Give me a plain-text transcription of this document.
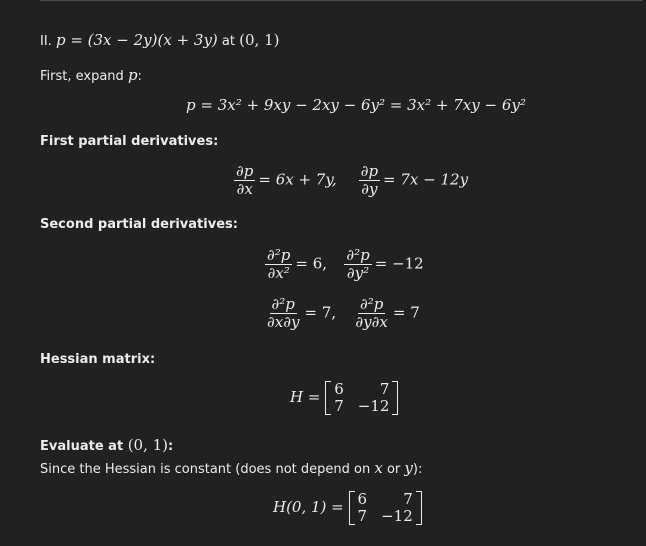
II. p = (3x − 2y)(x + 3y) at (0, 1)
First, expand p:
p = 3x² + 9xy − 2xy − 6y² = 3x² + 7xy − 6y²
First partial derivatives:
$\frac{\partial p}{\partial x} = 6x + 7y$, $\frac{\partial p}{\partial y} = 7x - 12y$
Second partial derivatives:
$\frac{\text{∂²p}}{\text{∂x²}} = 6$, $\frac{\text{∂²p}}{\text{∂y²}} = -12$
$\frac{\text{∂²p}}{\partial x\partial y} = 7$, $\frac{\text{∂²p}}{\partial y\partial x} = 7$
Hessian matrix:
H = 6	7
7 −12
Evaluate at (0, 1):
Since the Hessian is constant (does not depend on x or y):
H(0, 1) = 6	7
7 −12
